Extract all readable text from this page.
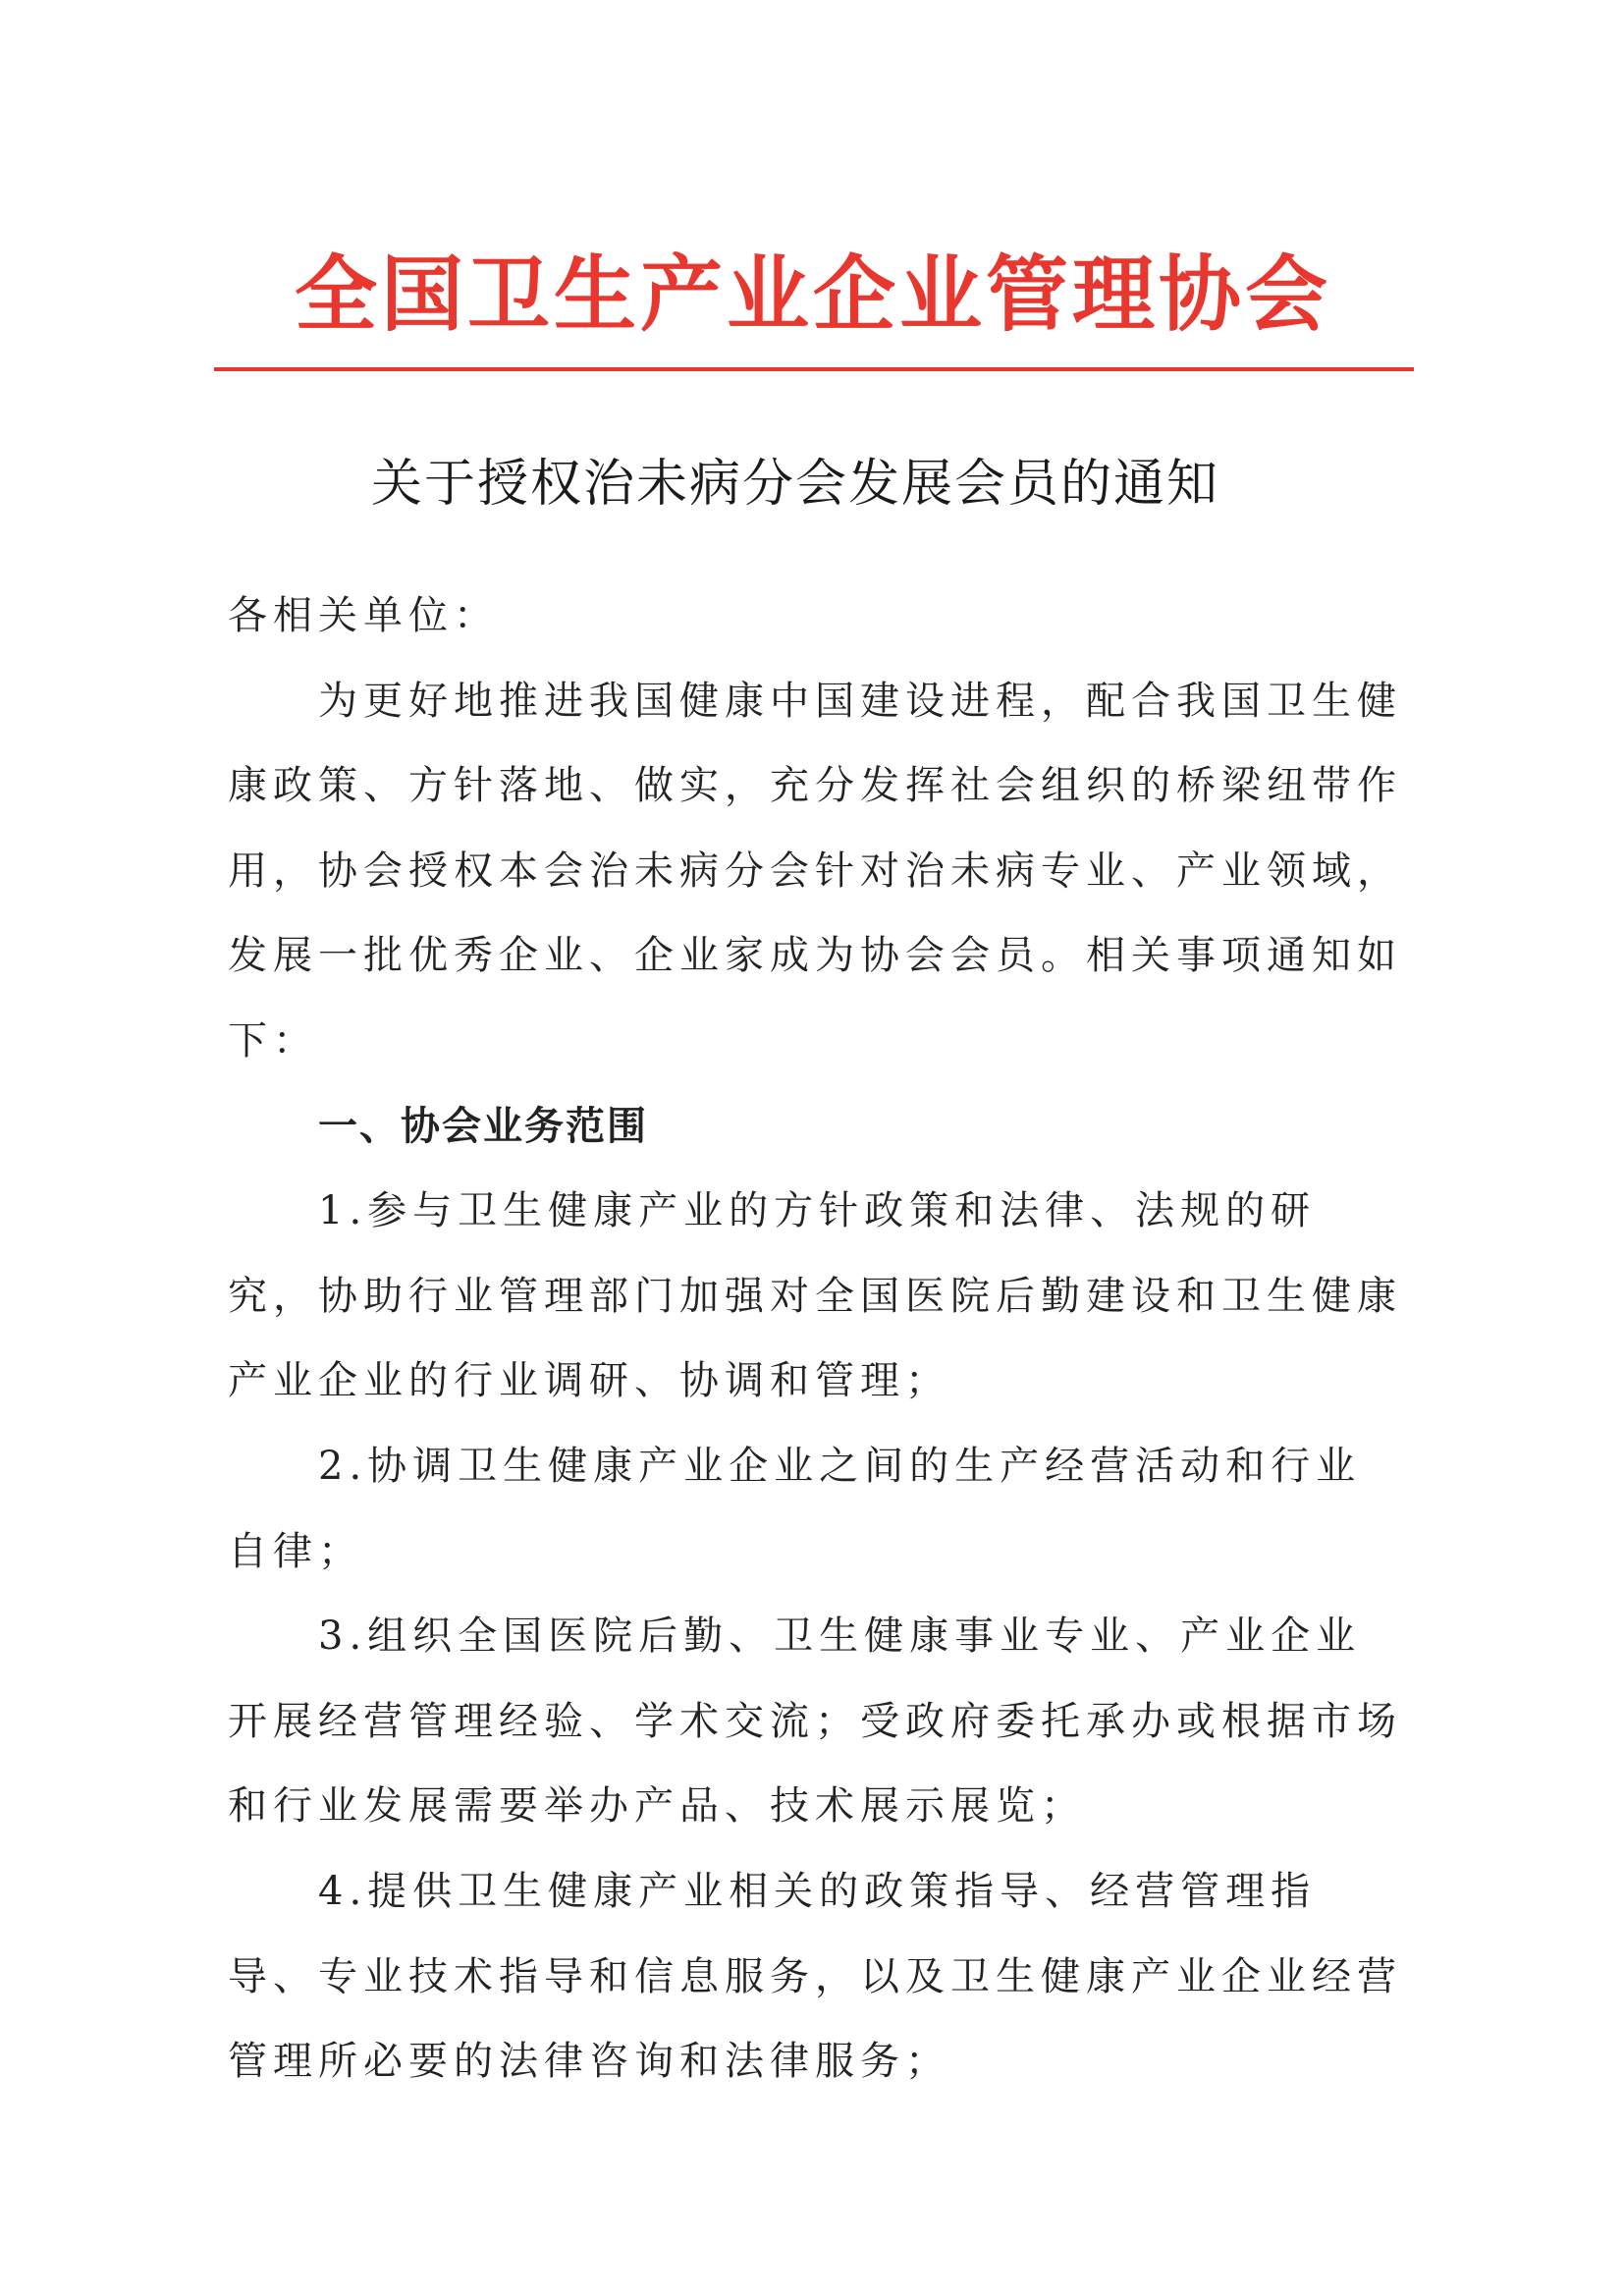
全国卫生产业企业管理协会
关于授权治未病分会发展会员的通知

各相关单位：

为更好地推进我国健康中国建设进程，配合我国卫生健康政策、方针落地、做实，充分发挥社会组织的桥梁纽带作用，协会授权本会治未病分会针对治未病专业、产业领域，发展一批优秀企业、企业家成为协会会员。相关事项通知如下：

一、协会业务范围

1.参与卫生健康产业的方针政策和法律、法规的研究，协助行业管理部门加强对全国医院后勤建设和卫生健康产业企业的行业调研、协调和管理；

2.协调卫生健康产业企业之间的生产经营活动和行业自律；

3.组织全国医院后勤、卫生健康事业专业、产业企业开展经营管理经验、学术交流；受政府委托承办或根据市场和行业发展需要举办产品、技术展示展览；

4.提供卫生健康产业相关的政策指导、经营管理指导、专业技术指导和信息服务，以及卫生健康产业企业经营管理所必要的法律咨询和法律服务；
